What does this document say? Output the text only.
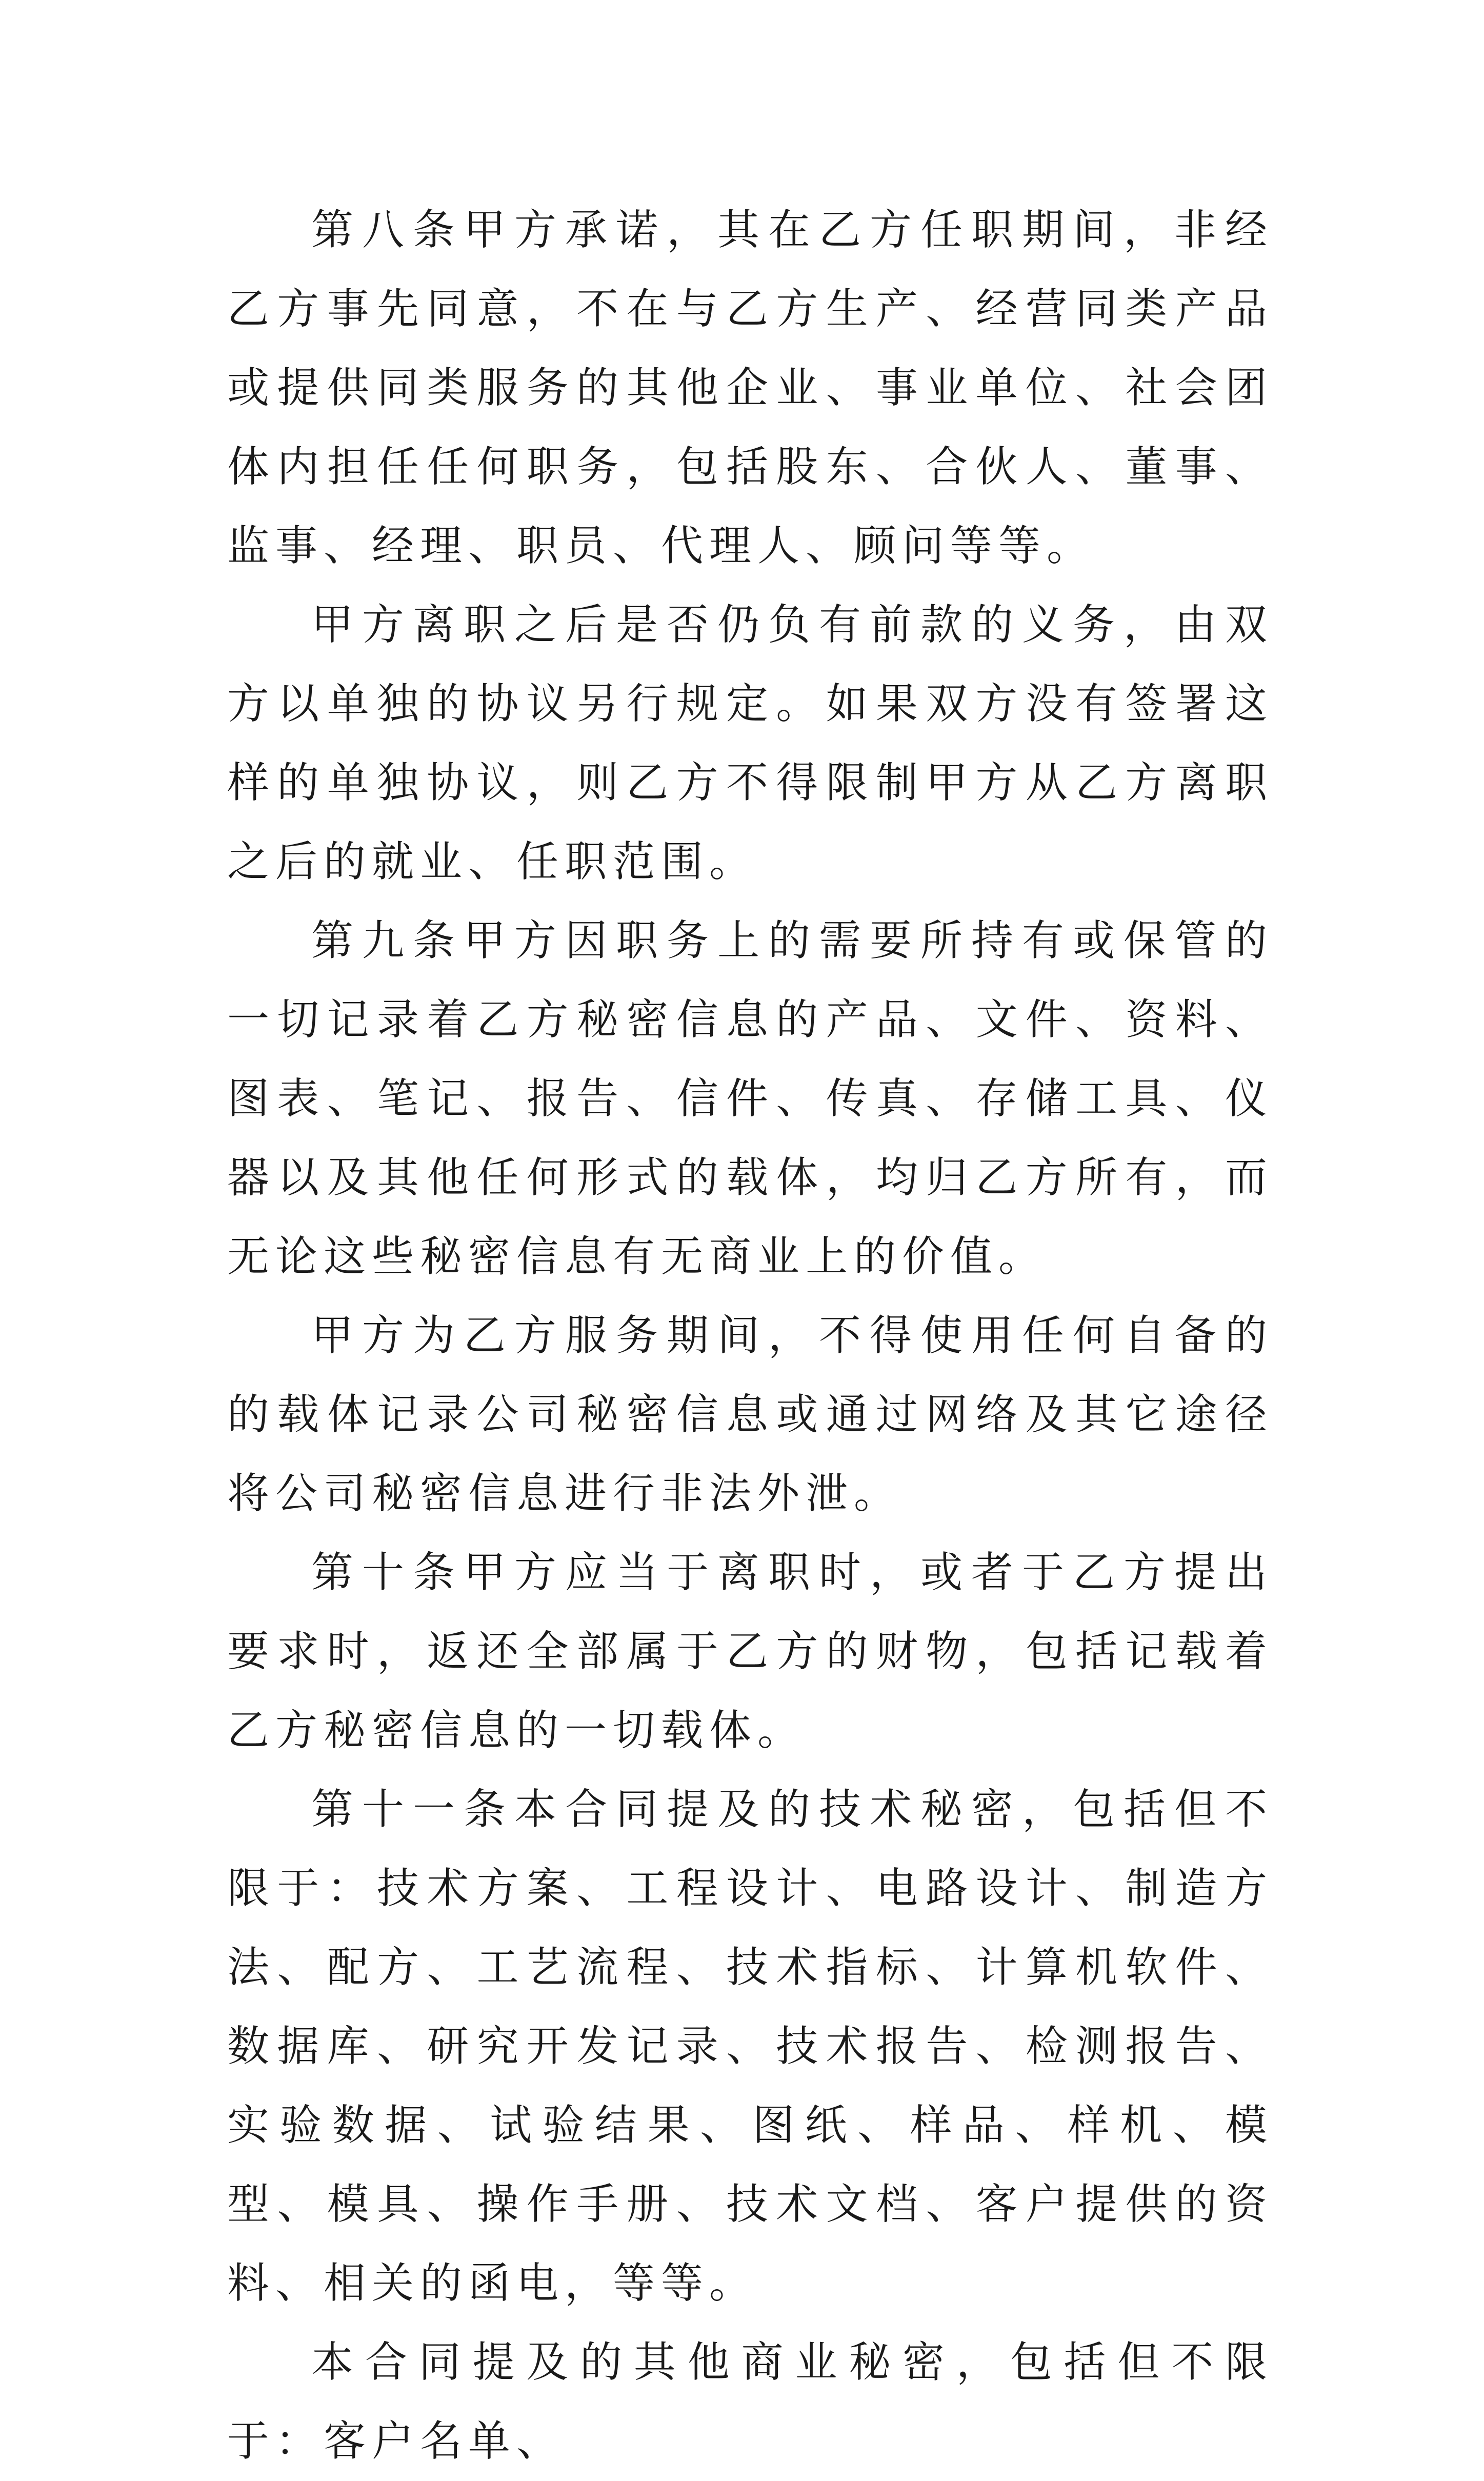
第八条甲方承诺，其在乙方任职期间，非经乙方事先同意，不在与乙方生产、经营同类产品或提供同类服务的其他企业、事业单位、社会团体内担任任何职务，包括股东、合伙人、董事、监事、经理、职员、代理人、顾问等等。

甲方离职之后是否仍负有前款的义务，由双方以单独的协议另行规定。如果双方没有签署这样的单独协议，则乙方不得限制甲方从乙方离职之后的就业、任职范围。

第九条甲方因职务上的需要所持有或保管的一切记录着乙方秘密信息的产品、文件、资料、图表、笔记、报告、信件、传真、存储工具、仪器以及其他任何形式的载体，均归乙方所有，而无论这些秘密信息有无商业上的价值。

甲方为乙方服务期间，不得使用任何自备的的载体记录公司秘密信息或通过网络及其它途径将公司秘密信息进行非法外泄。

第十条甲方应当于离职时，或者于乙方提出要求时，返还全部属于乙方的财物，包括记载着乙方秘密信息的一切载体。

第十一条本合同提及的技术秘密，包括但不限于：技术方案、工程设计、电路设计、制造方法、配方、工艺流程、技术指标、计算机软件、数据库、研究开发记录、技术报告、检测报告、实验数据、试验结果、图纸、样品、样机、模型、模具、操作手册、技术文档、客户提供的资料、相关的函电，等等。

本合同提及的其他商业秘密，包括但不限于：客户名单、
